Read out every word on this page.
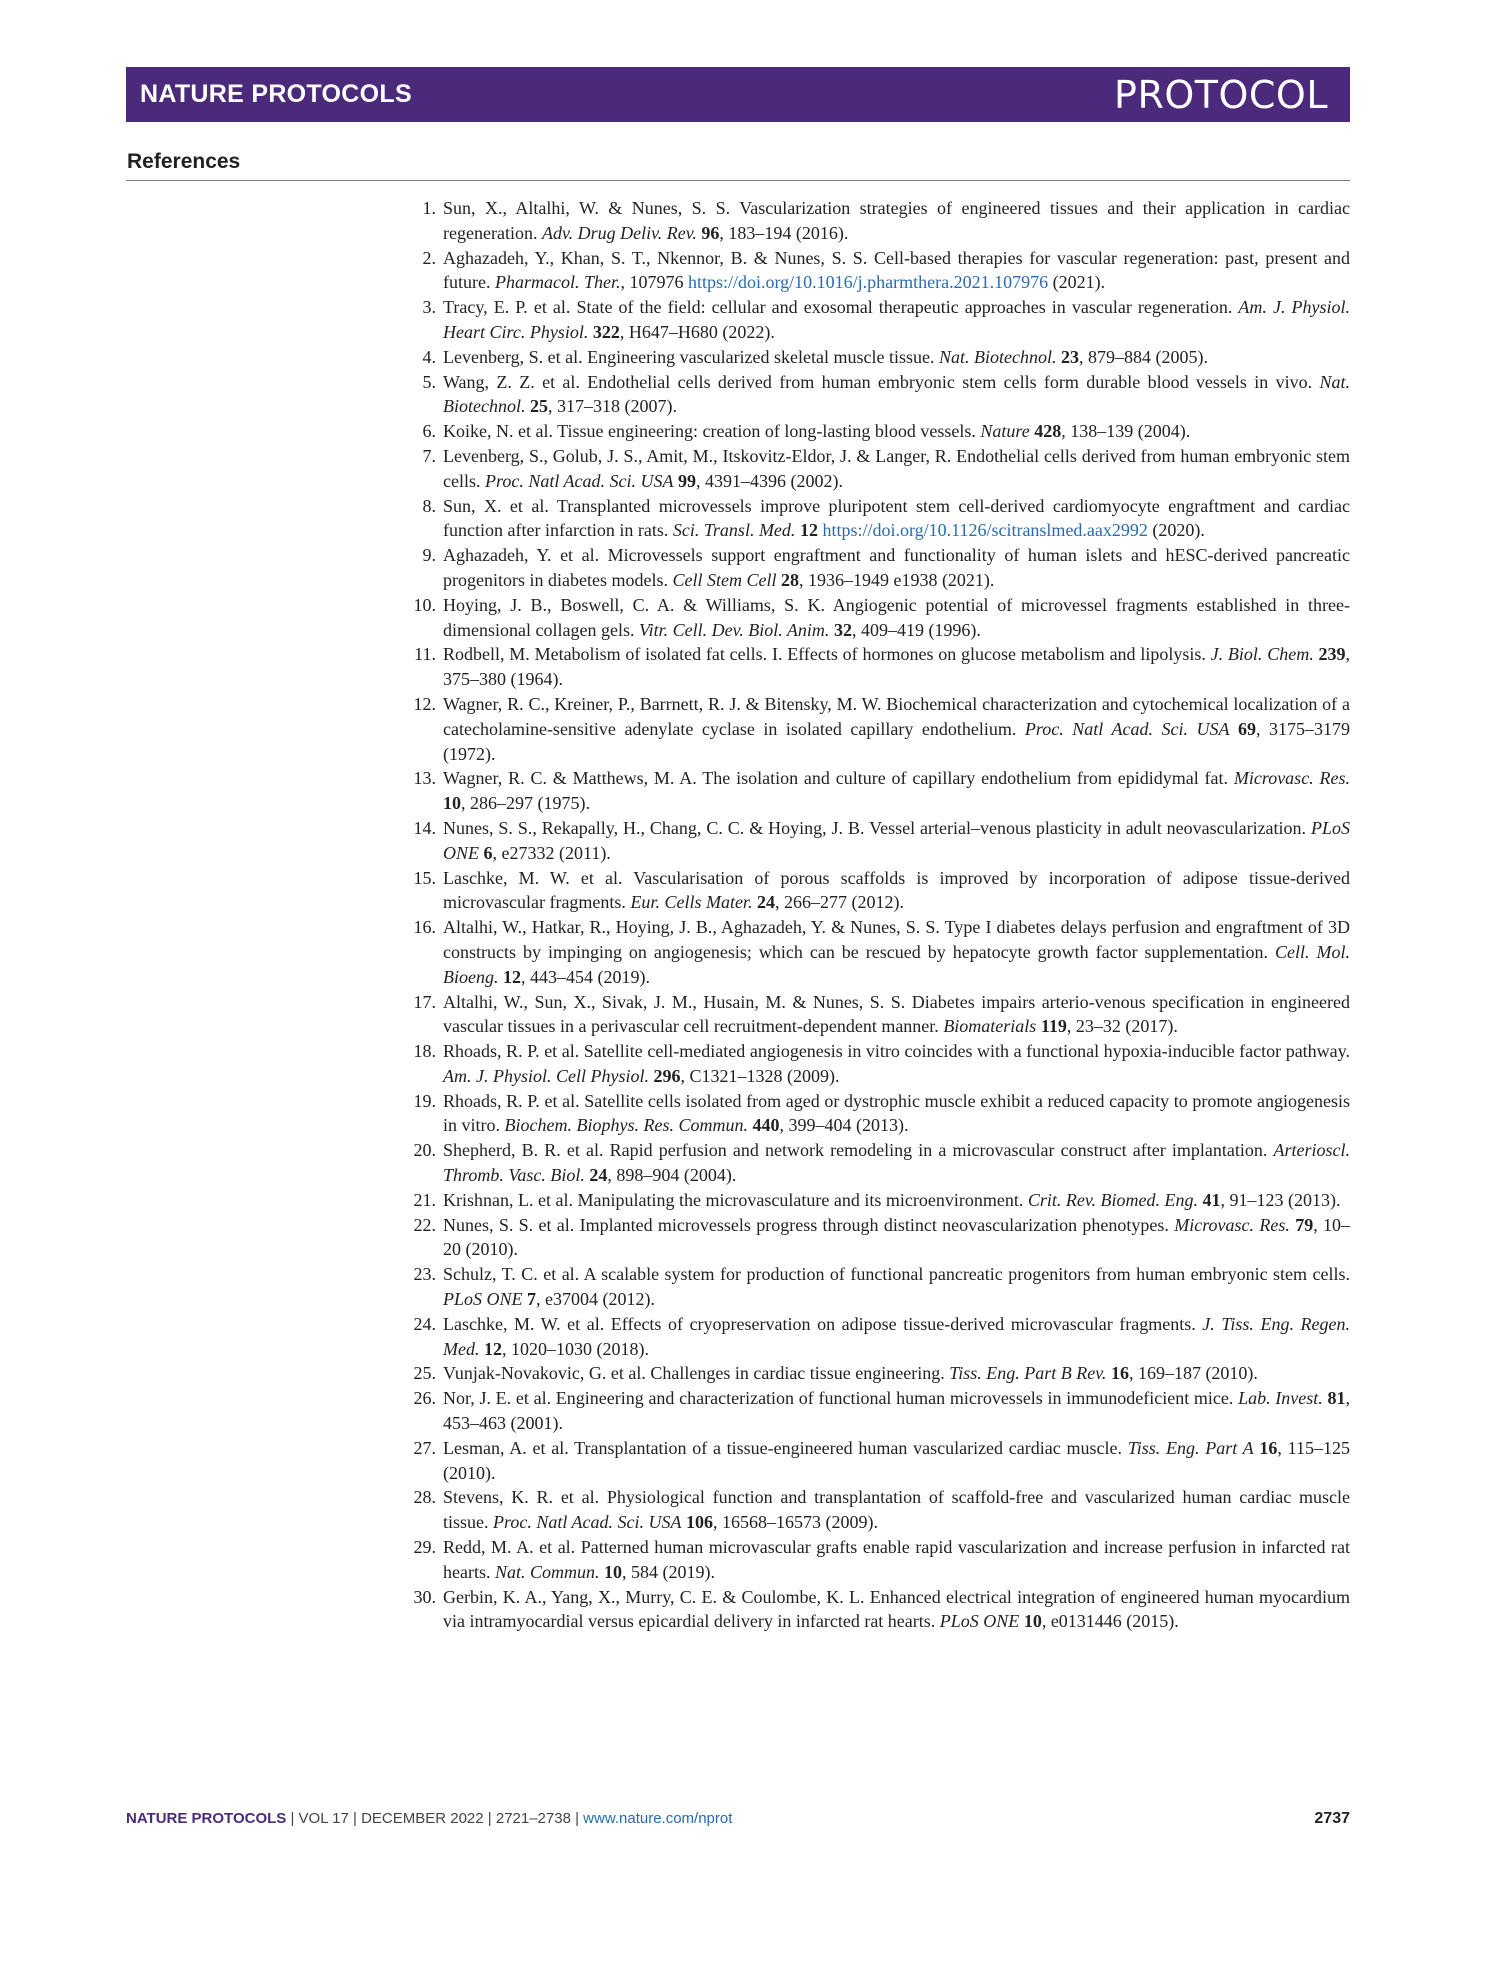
NATURE PROTOCOLS	PROTOCOL
References
1. Sun, X., Altalhi, W. & Nunes, S. S. Vascularization strategies of engineered tissues and their application in cardiac regeneration. Adv. Drug Deliv. Rev. 96, 183–194 (2016).
2. Aghazadeh, Y., Khan, S. T., Nkennor, B. & Nunes, S. S. Cell-based therapies for vascular regeneration: past, present and future. Pharmacol. Ther., 107976 https://doi.org/10.1016/j.pharmthera.2021.107976 (2021).
3. Tracy, E. P. et al. State of the field: cellular and exosomal therapeutic approaches in vascular regeneration. Am. J. Physiol. Heart Circ. Physiol. 322, H647–H680 (2022).
4. Levenberg, S. et al. Engineering vascularized skeletal muscle tissue. Nat. Biotechnol. 23, 879–884 (2005).
5. Wang, Z. Z. et al. Endothelial cells derived from human embryonic stem cells form durable blood vessels in vivo. Nat. Biotechnol. 25, 317–318 (2007).
6. Koike, N. et al. Tissue engineering: creation of long-lasting blood vessels. Nature 428, 138–139 (2004).
7. Levenberg, S., Golub, J. S., Amit, M., Itskovitz-Eldor, J. & Langer, R. Endothelial cells derived from human embryonic stem cells. Proc. Natl Acad. Sci. USA 99, 4391–4396 (2002).
8. Sun, X. et al. Transplanted microvessels improve pluripotent stem cell-derived cardiomyocyte engraftment and cardiac function after infarction in rats. Sci. Transl. Med. 12 https://doi.org/10.1126/scitranslmed.aax2992 (2020).
9. Aghazadeh, Y. et al. Microvessels support engraftment and functionality of human islets and hESC-derived pancreatic progenitors in diabetes models. Cell Stem Cell 28, 1936–1949 e1938 (2021).
10. Hoying, J. B., Boswell, C. A. & Williams, S. K. Angiogenic potential of microvessel fragments established in three-dimensional collagen gels. Vitr. Cell. Dev. Biol. Anim. 32, 409–419 (1996).
11. Rodbell, M. Metabolism of isolated fat cells. I. Effects of hormones on glucose metabolism and lipolysis. J. Biol. Chem. 239, 375–380 (1964).
12. Wagner, R. C., Kreiner, P., Barrnett, R. J. & Bitensky, M. W. Biochemical characterization and cytochemical localization of a catecholamine-sensitive adenylate cyclase in isolated capillary endothelium. Proc. Natl Acad. Sci. USA 69, 3175–3179 (1972).
13. Wagner, R. C. & Matthews, M. A. The isolation and culture of capillary endothelium from epididymal fat. Microvasc. Res. 10, 286–297 (1975).
14. Nunes, S. S., Rekapally, H., Chang, C. C. & Hoying, J. B. Vessel arterial–venous plasticity in adult neovascularization. PLoS ONE 6, e27332 (2011).
15. Laschke, M. W. et al. Vascularisation of porous scaffolds is improved by incorporation of adipose tissue-derived microvascular fragments. Eur. Cells Mater. 24, 266–277 (2012).
16. Altalhi, W., Hatkar, R., Hoying, J. B., Aghazadeh, Y. & Nunes, S. S. Type I diabetes delays perfusion and engraftment of 3D constructs by impinging on angiogenesis; which can be rescued by hepatocyte growth factor supplementation. Cell. Mol. Bioeng. 12, 443–454 (2019).
17. Altalhi, W., Sun, X., Sivak, J. M., Husain, M. & Nunes, S. S. Diabetes impairs arterio-venous specification in engineered vascular tissues in a perivascular cell recruitment-dependent manner. Biomaterials 119, 23–32 (2017).
18. Rhoads, R. P. et al. Satellite cell-mediated angiogenesis in vitro coincides with a functional hypoxia-inducible factor pathway. Am. J. Physiol. Cell Physiol. 296, C1321–1328 (2009).
19. Rhoads, R. P. et al. Satellite cells isolated from aged or dystrophic muscle exhibit a reduced capacity to promote angiogenesis in vitro. Biochem. Biophys. Res. Commun. 440, 399–404 (2013).
20. Shepherd, B. R. et al. Rapid perfusion and network remodeling in a microvascular construct after implantation. Arterioscl. Thromb. Vasc. Biol. 24, 898–904 (2004).
21. Krishnan, L. et al. Manipulating the microvasculature and its microenvironment. Crit. Rev. Biomed. Eng. 41, 91–123 (2013).
22. Nunes, S. S. et al. Implanted microvessels progress through distinct neovascularization phenotypes. Microvasc. Res. 79, 10–20 (2010).
23. Schulz, T. C. et al. A scalable system for production of functional pancreatic progenitors from human embryonic stem cells. PLoS ONE 7, e37004 (2012).
24. Laschke, M. W. et al. Effects of cryopreservation on adipose tissue-derived microvascular fragments. J. Tiss. Eng. Regen. Med. 12, 1020–1030 (2018).
25. Vunjak-Novakovic, G. et al. Challenges in cardiac tissue engineering. Tiss. Eng. Part B Rev. 16, 169–187 (2010).
26. Nor, J. E. et al. Engineering and characterization of functional human microvessels in immunodeficient mice. Lab. Invest. 81, 453–463 (2001).
27. Lesman, A. et al. Transplantation of a tissue-engineered human vascularized cardiac muscle. Tiss. Eng. Part A 16, 115–125 (2010).
28. Stevens, K. R. et al. Physiological function and transplantation of scaffold-free and vascularized human cardiac muscle tissue. Proc. Natl Acad. Sci. USA 106, 16568–16573 (2009).
29. Redd, M. A. et al. Patterned human microvascular grafts enable rapid vascularization and increase perfusion in infarcted rat hearts. Nat. Commun. 10, 584 (2019).
30. Gerbin, K. A., Yang, X., Murry, C. E. & Coulombe, K. L. Enhanced electrical integration of engineered human myocardium via intramyocardial versus epicardial delivery in infarcted rat hearts. PLoS ONE 10, e0131446 (2015).
NATURE PROTOCOLS | VOL 17 | DECEMBER 2022 | 2721–2738 | www.nature.com/nprot	2737
